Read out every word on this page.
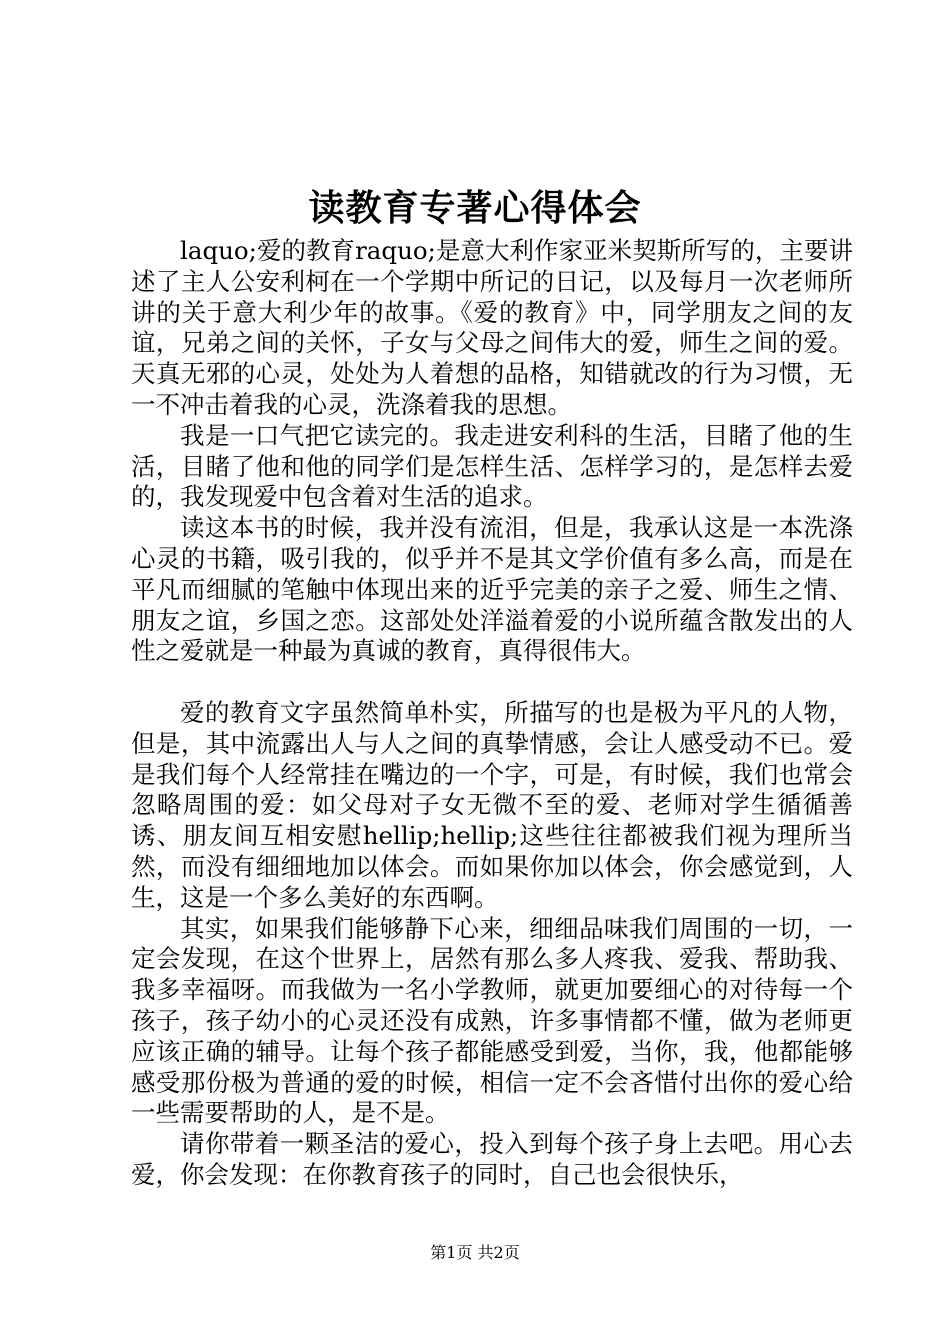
读教育专著心得体会

laquo;爱的教育raquo;是意大利作家亚米契斯所写的，主要讲述了主人公安利柯在一个学期中所记的日记，以及每月一次老师所讲的关于意大利少年的故事。《爱的教育》中，同学朋友之间的友谊，兄弟之间的关怀，子女与父母之间伟大的爱，师生之间的爱。天真无邪的心灵，处处为人着想的品格，知错就改的行为习惯，无一不冲击着我的心灵，洗涤着我的思想。

我是一口气把它读完的。我走进安利科的生活，目睹了他的生活，目睹了他和他的同学们是怎样生活、怎样学习的，是怎样去爱的，我发现爱中包含着对生活的追求。

读这本书的时候，我并没有流泪，但是，我承认这是一本洗涤心灵的书籍，吸引我的，似乎并不是其文学价值有多么高，而是在平凡而细腻的笔触中体现出来的近乎完美的亲子之爱、师生之情、朋友之谊，乡国之恋。这部处处洋溢着爱的小说所蕴含散发出的人性之爱就是一种最为真诚的教育，真得很伟大。

爱的教育文字虽然简单朴实，所描写的也是极为平凡的人物，但是，其中流露出人与人之间的真挚情感，会让人感受动不已。爱是我们每个人经常挂在嘴边的一个字，可是，有时候，我们也常会忽略周围的爱：如父母对子女无微不至的爱、老师对学生循循善诱、朋友间互相安慰hellip;hellip;这些往往都被我们视为理所当然，而没有细细地加以体会。而如果你加以体会，你会感觉到，人生，这是一个多么美好的东西啊。

其实，如果我们能够静下心来，细细品味我们周围的一切，一定会发现，在这个世界上，居然有那么多人疼我、爱我、帮助我、我多幸福呀。而我做为一名小学教师，就更加要细心的对待每一个孩子，孩子幼小的心灵还没有成熟，许多事情都不懂，做为老师更应该正确的辅导。让每个孩子都能感受到爱，当你，我，他都能够感受那份极为普通的爱的时候，相信一定不会吝惜付出你的爱心给一些需要帮助的人，是不是。

请你带着一颗圣洁的爱心，投入到每个孩子身上去吧。用心去爱，你会发现：在你教育孩子的同时，自己也会很快乐，

第1页 共2页
